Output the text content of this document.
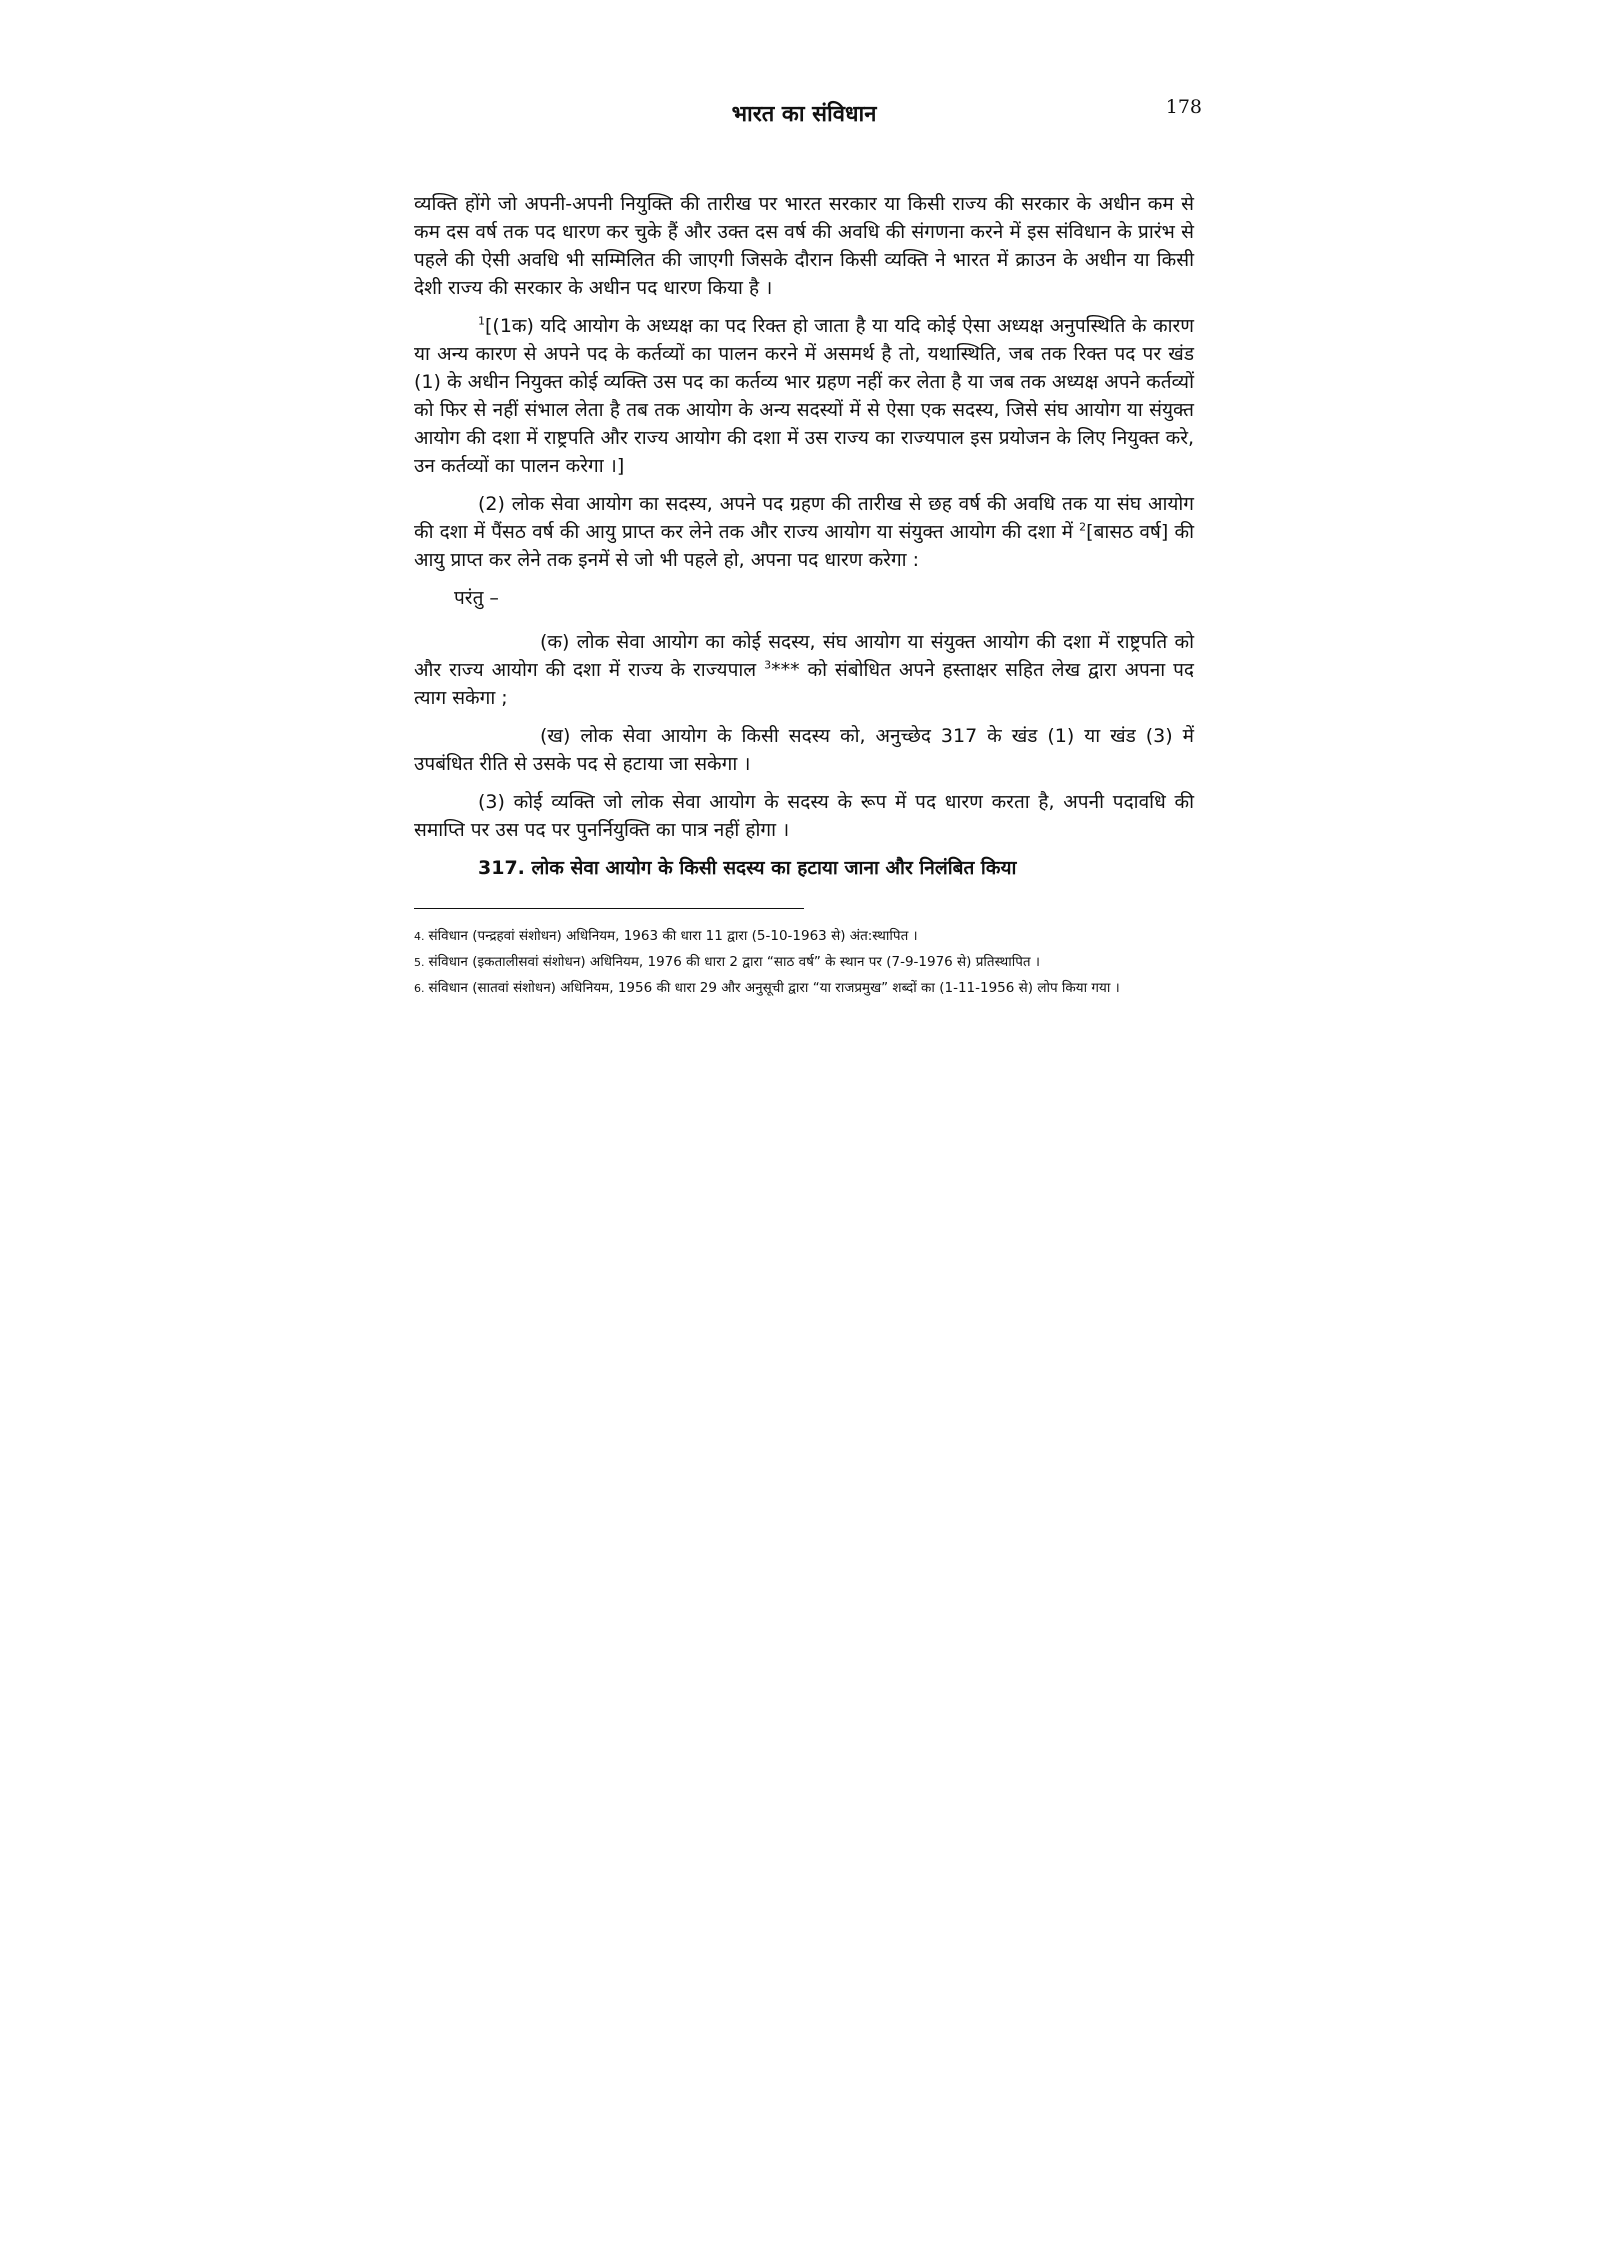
भारत का संविधान	178

व्यक्ति होंगे जो अपनी-अपनी नियुक्ति की तारीख पर भारत सरकार या किसी राज्य की सरकार के अधीन कम से कम दस वर्ष तक पद धारण कर चुके हैं और उक्त दस वर्ष की अवधि की संगणना करने में इस संविधान के प्रारंभ से पहले की ऐसी अवधि भी सम्मिलित की जाएगी जिसके दौरान किसी व्यक्ति ने भारत में क्राउन के अधीन या किसी देशी राज्य की सरकार के अधीन पद धारण किया है ।

$^1$[(1क) यदि आयोग के अध्यक्ष का पद रिक्त हो जाता है या यदि कोई ऐसा अध्यक्ष अनुपस्थिति के कारण या अन्य कारण से अपने पद के कर्तव्यों का पालन करने में असमर्थ है तो, यथास्थिति, जब तक रिक्त पद पर खंड (1) के अधीन नियुक्त कोई व्यक्ति उस पद का कर्तव्य भार ग्रहण नहीं कर लेता है या जब तक अध्यक्ष अपने कर्तव्यों को फिर से नहीं संभाल लेता है तब तक आयोग के अन्य सदस्यों में से ऐसा एक सदस्य, जिसे संघ आयोग या संयुक्त आयोग की दशा में राष्ट्रपति और राज्य आयोग की दशा में उस राज्य का राज्यपाल इस प्रयोजन के लिए नियुक्त करे, उन कर्तव्यों का पालन करेगा ।]

(2) लोक सेवा आयोग का सदस्य, अपने पद ग्रहण की तारीख से छह वर्ष की अवधि तक या संघ आयोग की दशा में पैंसठ वर्ष की आयु प्राप्त कर लेने तक और राज्य आयोग या संयुक्त आयोग की दशा में $^2$[बासठ वर्ष] की आयु प्राप्त कर लेने तक इनमें से जो भी पहले हो, अपना पद धारण करेगा :

परंतु –

(क) लोक सेवा आयोग का कोई सदस्य, संघ आयोग या संयुक्त आयोग की दशा में राष्ट्रपति को और राज्य आयोग की दशा में राज्य के राज्यपाल $^3$*** को संबोधित अपने हस्ताक्षर सहित लेख द्वारा अपना पद त्याग सकेगा ;

(ख) लोक सेवा आयोग के किसी सदस्य को, अनुच्छेद 317 के खंड (1) या खंड (3) में उपबंधित रीति से उसके पद से हटाया जा सकेगा ।

(3) कोई व्यक्ति जो लोक सेवा आयोग के सदस्य के रूप में पद धारण करता है, अपनी पदावधि की समाप्ति पर उस पद पर पुनर्नियुक्ति का पात्र नहीं होगा ।

317. लोक सेवा आयोग के किसी सदस्य का हटाया जाना और निलंबित किया

4. संविधान (पन्द्रहवां संशोधन) अधिनियम, 1963 की धारा 11 द्वारा (5-10-1963 से) अंत:स्थापित ।

5. संविधान (इकतालीसवां संशोधन) अधिनियम, 1976 की धारा 2 द्वारा “साठ वर्ष” के स्थान पर (7-9-1976 से) प्रतिस्थापित ।

6. संविधान (सातवां संशोधन) अधिनियम, 1956 की धारा 29 और अनुसूची द्वारा “या राजप्रमुख” शब्दों का (1-11-1956 से) लोप किया गया ।
